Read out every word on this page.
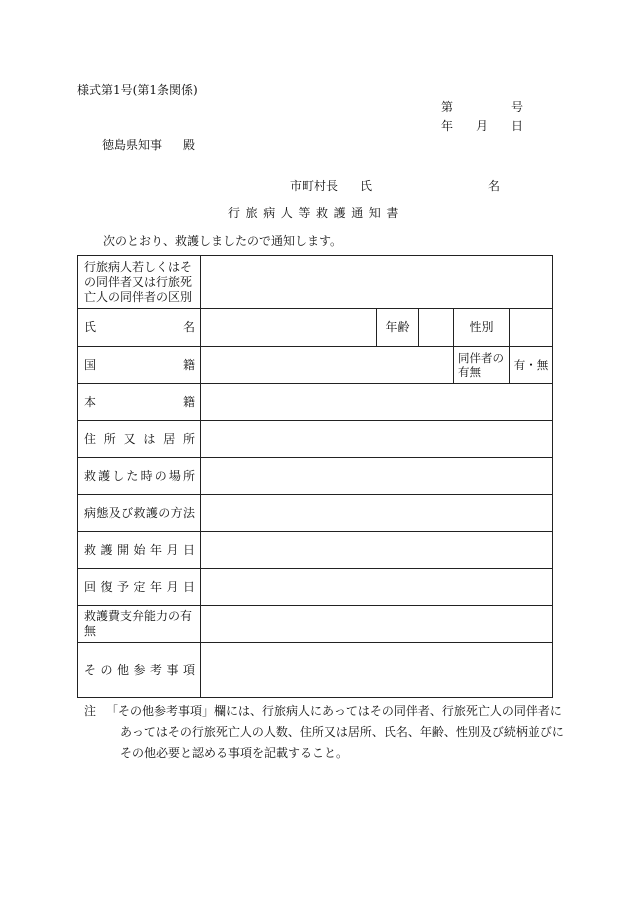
様式第1号(第1条関係)
第	号
年 月 日
徳島県知事 殿
市町村長 氏	名
行旅病人等救護通知書
次のとおり、救護しましたので通知します。
行旅病人若しくはその同伴者又は行旅死亡人の同伴者の区別					

氏 名		年齢		性別	

国 籍				同伴者の有無	有・無

本 籍					

住所又は居所					

救護した時の場所					

病態及び救護の方法					

救護開始年月日					

回復予定年月日					

救護費支弁能力の有無					

その他参考事項					

注 「その他参考事項」欄には、行旅病人にあってはその同伴者、行旅死亡人の同伴者にあってはその行旅死亡人の人数、住所又は居所、氏名、年齢、性別及び続柄並びにその他必要と認める事項を記載すること。
